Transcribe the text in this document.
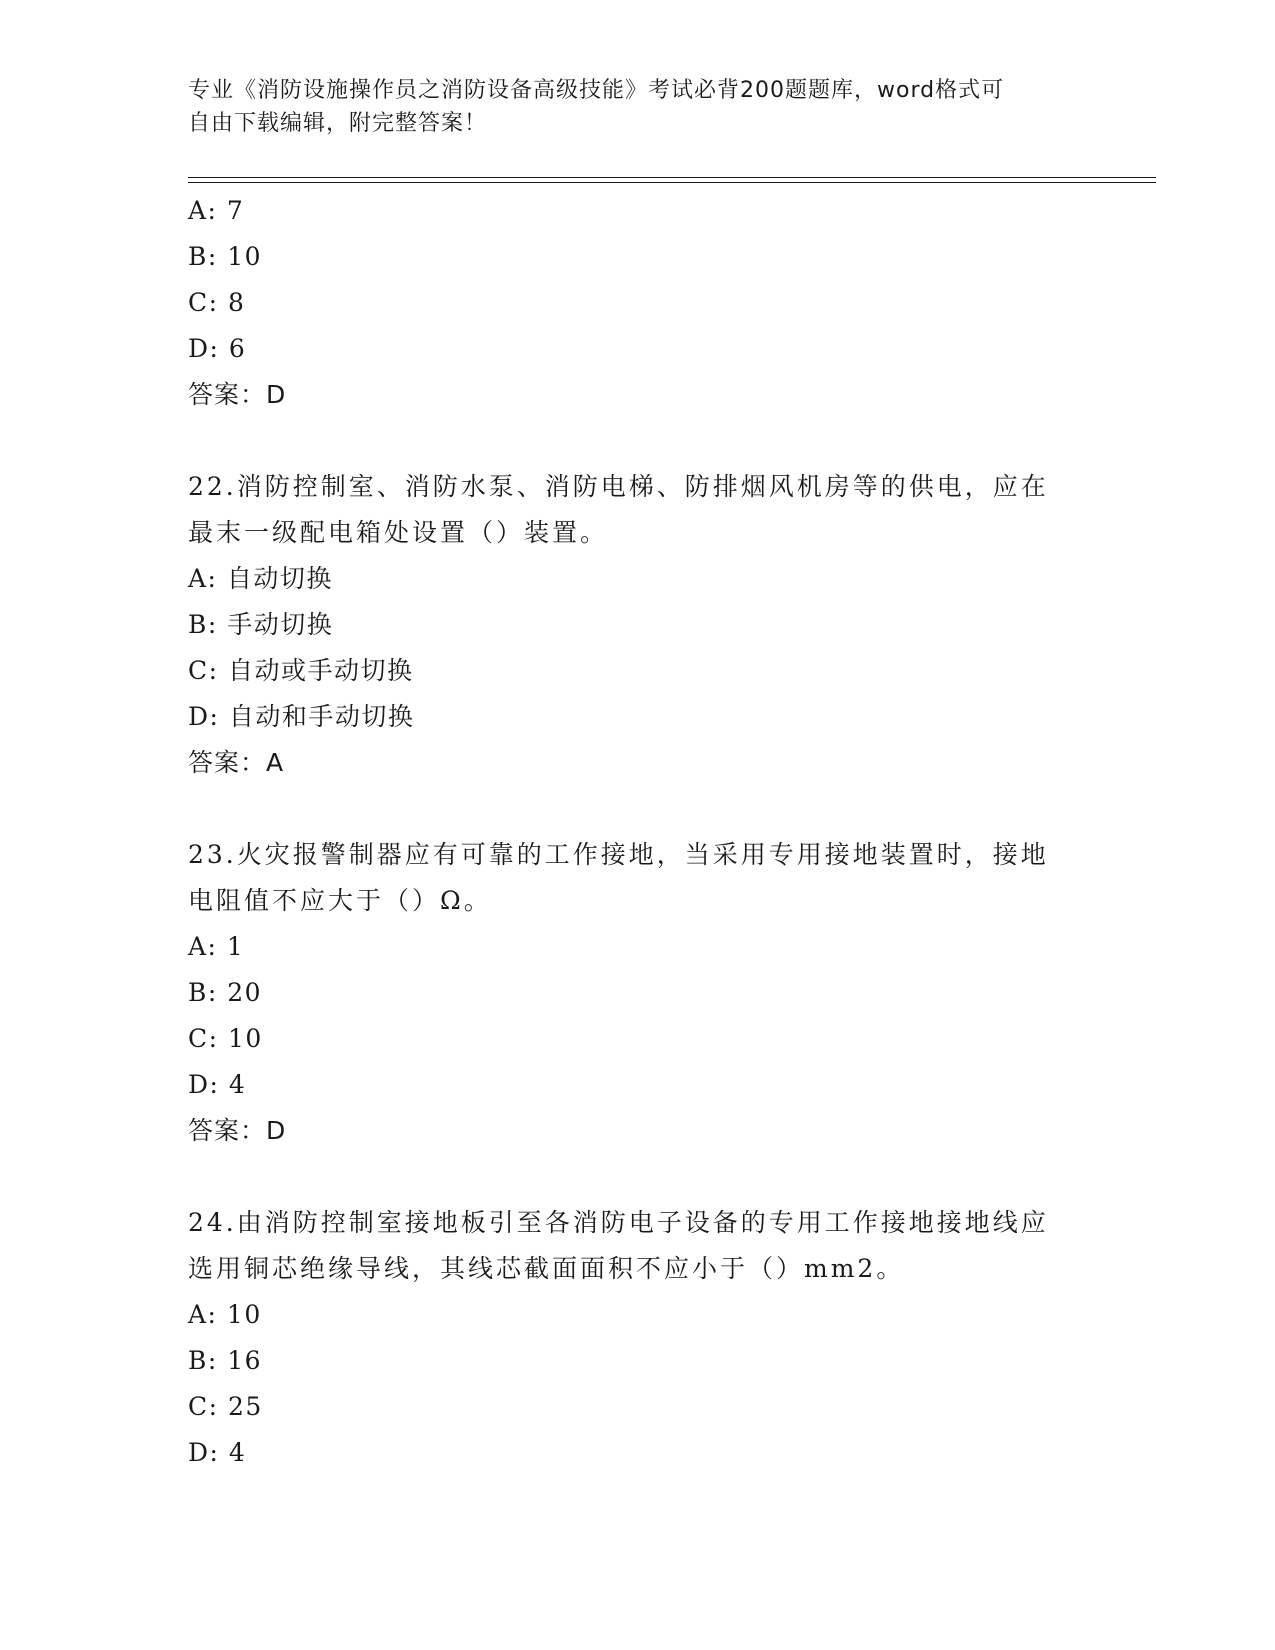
专业《消防设施操作员之消防设备高级技能》考试必背200题题库，word格式可
自由下载编辑，附完整答案！
A: 7
B: 10
C: 8
D: 6
答案：D
22.消防控制室、消防水泵、消防电梯、防排烟风机房等的供电，应在
最末一级配电箱处设置（）装置。
A: 自动切换
B: 手动切换
C: 自动或手动切换
D: 自动和手动切换
答案：A
23.火灾报警制器应有可靠的工作接地，当采用专用接地装置时，接地
电阻值不应大于（）Ω。
A: 1
B: 20
C: 10
D: 4
答案：D
24.由消防控制室接地板引至各消防电子设备的专用工作接地接地线应
选用铜芯绝缘导线，其线芯截面面积不应小于（）mm2。
A: 10
B: 16
C: 25
D: 4
